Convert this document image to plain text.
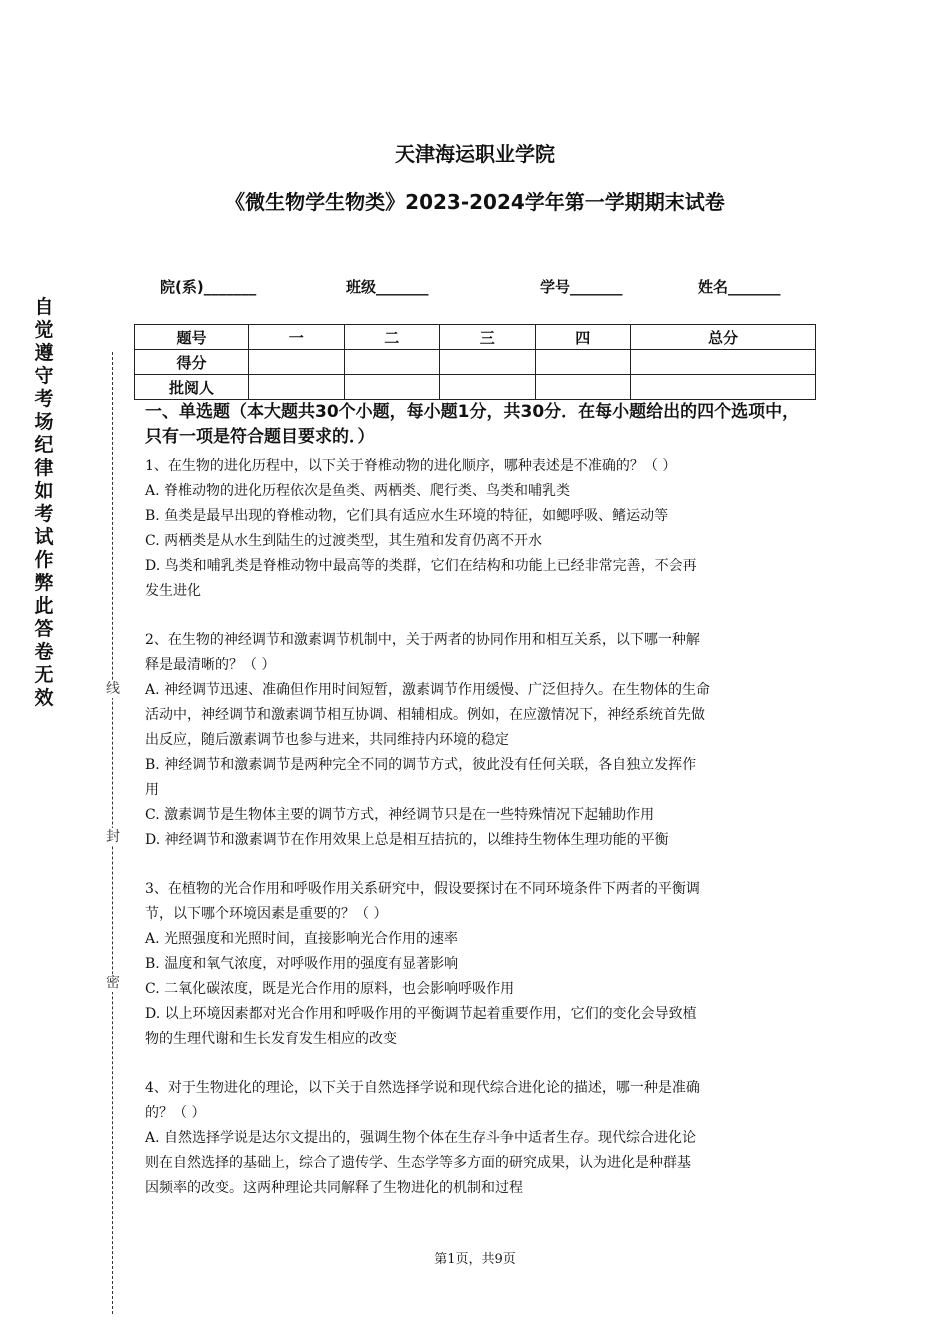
天津海运职业学院
《微生物学生物类》2023-2024学年第一学期期末试卷
院(系)_______	班级_______	学号_______	姓名_______
题号	一	二	三	四	总分
得分					
批阅人					
自觉遵守考场纪律如考试作弊此答卷无效	线
封
密
一、单选题（本大题共30个小题，每小题1分，共30分．在每小题给出的四个选项中，只有一项是符合题目要求的．）

1、在生物的进化历程中，以下关于脊椎动物的进化顺序，哪种表述是不准确的？（ ）

A. 脊椎动物的进化历程依次是鱼类、两栖类、爬行类、鸟类和哺乳类

B. 鱼类是最早出现的脊椎动物，它们具有适应水生环境的特征，如鳃呼吸、鳍运动等

C. 两栖类是从水生到陆生的过渡类型，其生殖和发育仍离不开水

D. 鸟类和哺乳类是脊椎动物中最高等的类群，它们在结构和功能上已经非常完善，不会再

发生进化

2、在生物的神经调节和激素调节机制中，关于两者的协同作用和相互关系，以下哪一种解

释是最清晰的？（ ）

A. 神经调节迅速、准确但作用时间短暂，激素调节作用缓慢、广泛但持久。在生物体的生命

活动中，神经调节和激素调节相互协调、相辅相成。例如，在应激情况下，神经系统首先做

出反应，随后激素调节也参与进来，共同维持内环境的稳定

B. 神经调节和激素调节是两种完全不同的调节方式，彼此没有任何关联，各自独立发挥作

用

C. 激素调节是生物体主要的调节方式，神经调节只是在一些特殊情况下起辅助作用

D. 神经调节和激素调节在作用效果上总是相互拮抗的，以维持生物体生理功能的平衡

3、在植物的光合作用和呼吸作用关系研究中，假设要探讨在不同环境条件下两者的平衡调

节，以下哪个环境因素是重要的？（ ）

A. 光照强度和光照时间，直接影响光合作用的速率

B. 温度和氧气浓度，对呼吸作用的强度有显著影响

C. 二氧化碳浓度，既是光合作用的原料，也会影响呼吸作用

D. 以上环境因素都对光合作用和呼吸作用的平衡调节起着重要作用，它们的变化会导致植

物的生理代谢和生长发育发生相应的改变

4、对于生物进化的理论，以下关于自然选择学说和现代综合进化论的描述，哪一种是准确

的？（ ）

A. 自然选择学说是达尔文提出的，强调生物个体在生存斗争中适者生存。现代综合进化论

则在自然选择的基础上，综合了遗传学、生态学等多方面的研究成果，认为进化是种群基

因频率的改变。这两种理论共同解释了生物进化的机制和过程

第1页，共9页
